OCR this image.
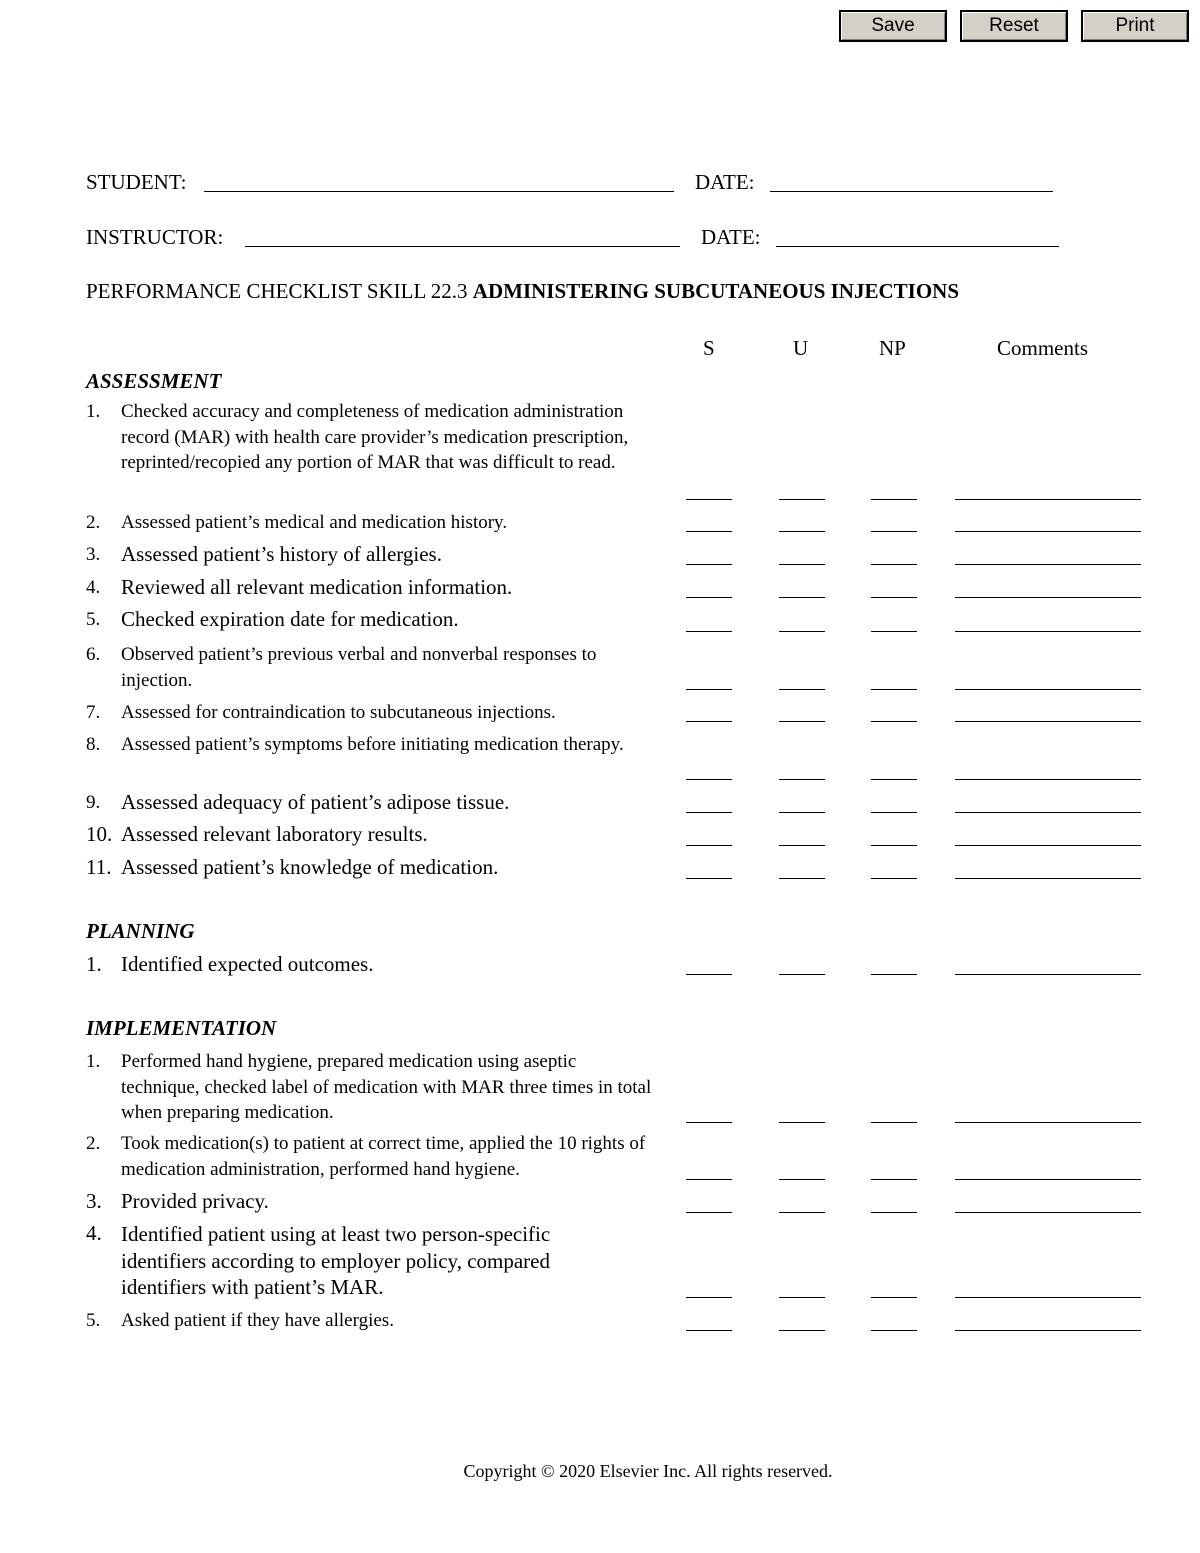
Save	Reset	Print
STUDENT:	DATE:
INSTRUCTOR:	DATE:
PERFORMANCE CHECKLIST SKILL 22.3 ADMINISTERING SUBCUTANEOUS INJECTIONS
S	U	NP	Comments
ASSESSMENT
1. Checked accuracy and completeness of medication administration record (MAR) with health care provider’s medication prescription, reprinted/recopied any portion of MAR that was difficult to read.
2. Assessed patient’s medical and medication history.
3. Assessed patient’s history of allergies.
4. Reviewed all relevant medication information.
5. Checked expiration date for medication.
6. Observed patient’s previous verbal and nonverbal responses to injection.
7. Assessed for contraindication to subcutaneous injections.
8. Assessed patient’s symptoms before initiating medication therapy.
9. Assessed adequacy of patient’s adipose tissue.
10. Assessed relevant laboratory results.
11. Assessed patient’s knowledge of medication.
PLANNING
1. Identified expected outcomes.
IMPLEMENTATION
1. Performed hand hygiene, prepared medication using aseptic technique, checked label of medication with MAR three times in total when preparing medication.
2. Took medication(s) to patient at correct time, applied the 10 rights of medication administration, performed hand hygiene.
3. Provided privacy.
4. Identified patient using at least two person-specific identifiers according to employer policy, compared identifiers with patient’s MAR.
5. Asked patient if they have allergies.
Copyright © 2020 Elsevier Inc. All rights reserved.
